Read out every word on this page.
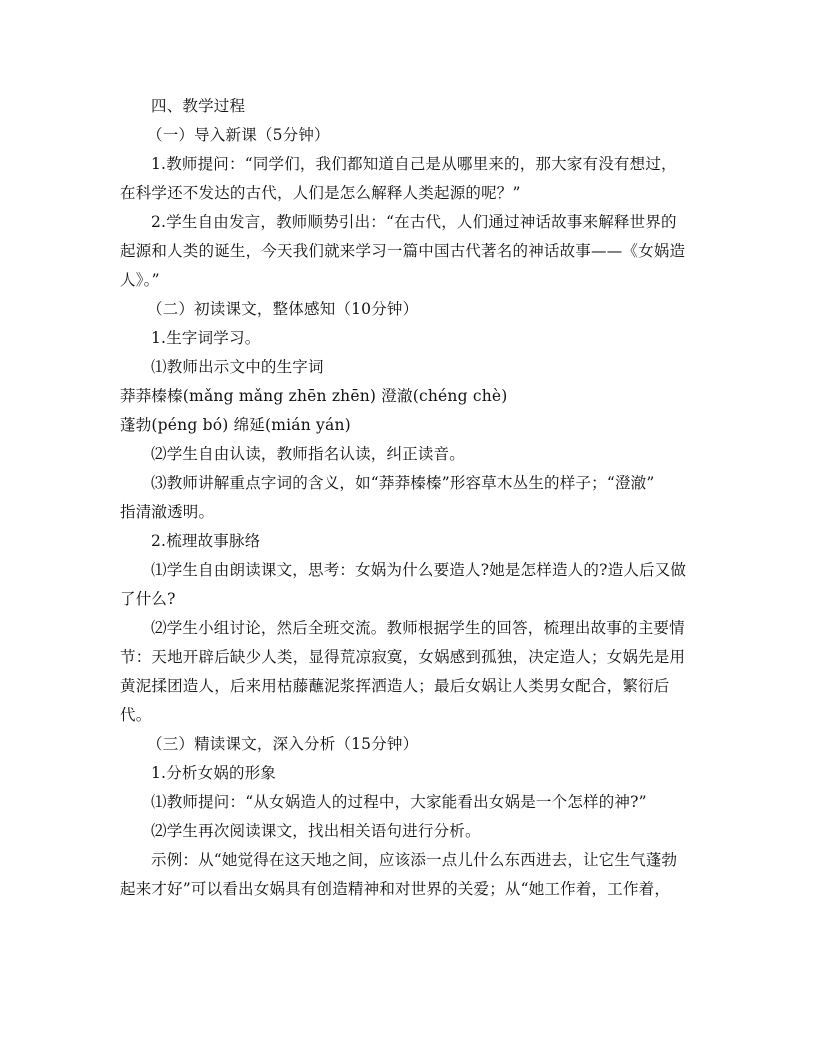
四、教学过程
（一）导入新课（5分钟）
1.教师提问：“同学们，我们都知道自己是从哪里来的，那大家有没有想过，
在科学还不发达的古代，人们是怎么解释人类起源的呢？”
2.学生自由发言，教师顺势引出：“在古代，人们通过神话故事来解释世界的
起源和人类的诞生，今天我们就来学习一篇中国古代著名的神话故事——《女娲造
人》。”
（二）初读课文，整体感知（10分钟）
1.生字词学习。
⑴教师出示文中的生字词
莽莽榛榛(mǎng mǎng zhēn zhēn) 澄澈(chéng chè)
蓬勃(péng bó) 绵延(mián yán)
⑵学生自由认读，教师指名认读，纠正读音。
⑶教师讲解重点字词的含义，如“莽莽榛榛”形容草木丛生的样子；“澄澈”
指清澈透明。
2.梳理故事脉络
⑴学生自由朗读课文，思考：女娲为什么要造人?她是怎样造人的?造人后又做
了什么?
⑵学生小组讨论，然后全班交流。教师根据学生的回答，梳理出故事的主要情
节：天地开辟后缺少人类，显得荒凉寂寞，女娲感到孤独，决定造人；女娲先是用
黄泥揉团造人，后来用枯藤蘸泥浆挥洒造人；最后女娲让人类男女配合，繁衍后
代。
（三）精读课文，深入分析（15分钟）
1.分析女娲的形象
⑴教师提问：“从女娲造人的过程中，大家能看出女娲是一个怎样的神?”
⑵学生再次阅读课文，找出相关语句进行分析。
示例：从“她觉得在这天地之间，应该添一点儿什么东西进去，让它生气蓬勃
起来才好”可以看出女娲具有创造精神和对世界的关爱；从“她工作着，工作着，
